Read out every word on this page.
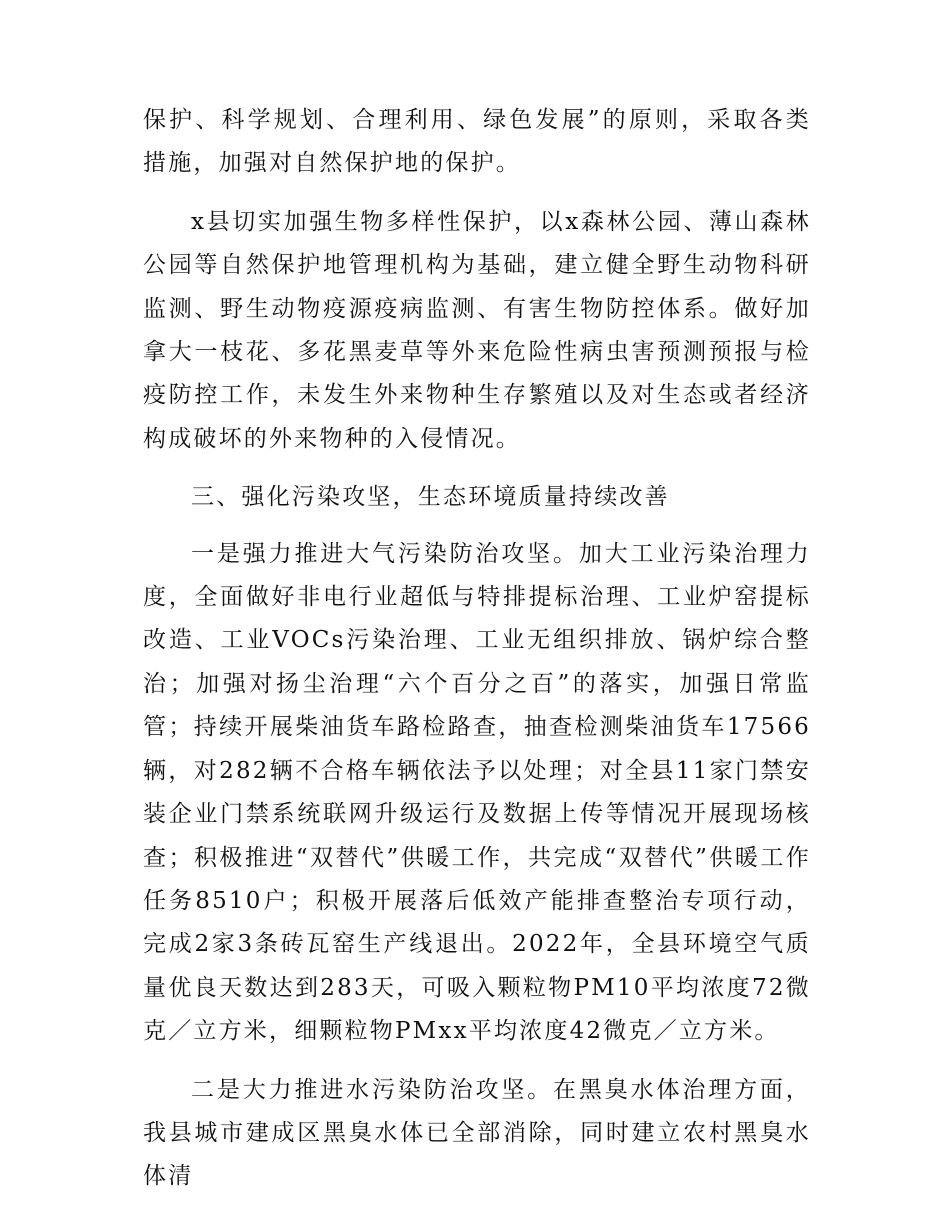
保护、科学规划、合理利用、绿色发展”的原则，采取各类措施，加强对自然保护地的保护。

x县切实加强生物多样性保护，以x森林公园、薄山森林公园等自然保护地管理机构为基础，建立健全野生动物科研监测、野生动物疫源疫病监测、有害生物防控体系。做好加拿大一枝花、多花黑麦草等外来危险性病虫害预测预报与检疫防控工作，未发生外来物种生存繁殖以及对生态或者经济构成破坏的外来物种的入侵情况。

三、强化污染攻坚，生态环境质量持续改善

一是强力推进大气污染防治攻坚。加大工业污染治理力度，全面做好非电行业超低与特排提标治理、工业炉窑提标改造、工业VOCs污染治理、工业无组织排放、锅炉综合整治；加强对扬尘治理“六个百分之百”的落实，加强日常监管；持续开展柴油货车路检路查，抽查检测柴油货车17566辆，对282辆不合格车辆依法予以处理；对全县11家门禁安装企业门禁系统联网升级运行及数据上传等情况开展现场核查；积极推进“双替代”供暖工作，共完成“双替代”供暖工作任务8510户；积极开展落后低效产能排查整治专项行动，完成2家3条砖瓦窑生产线退出。2022年，全县环境空气质量优良天数达到283天，可吸入颗粒物PM10平均浓度72微克／立方米，细颗粒物PMxx平均浓度42微克／立方米。

二是大力推进水污染防治攻坚。在黑臭水体治理方面，我县城市建成区黑臭水体已全部消除，同时建立农村黑臭水体清
